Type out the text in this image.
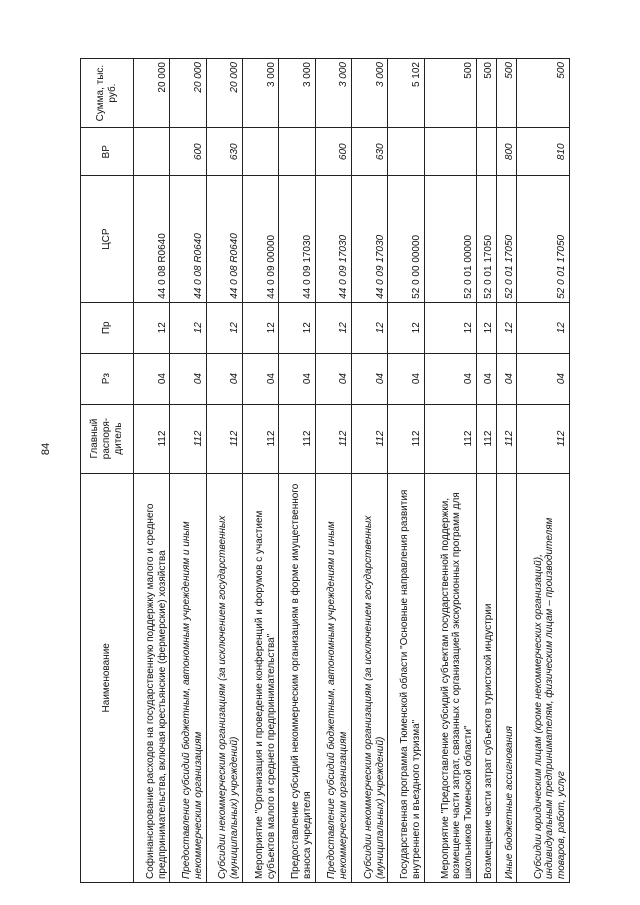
84
Наименование	Главный распоря-дитель	Рз	Пр	ЦСР	ВР	Сумма, тыс. руб.
Софинансирование расходов на государственную поддержку малого и среднего предпринимательства, включая крестьянские (фермерские) хозяйства	112	04	12	44 0 08 R0640		20 000
Предоставление субсидий бюджетным, автономным учреждениям и иным некоммерческим организациям	112	04	12	44 0 08 R0640	600	20 000
Субсидии некоммерческим организациям (за исключением государственных (муниципальных) учреждений)	112	04	12	44 0 08 R0640	630	20 000
Мероприятие "Организация и проведение конференций и форумов с участием субъектов малого и среднего предпринимательства"	112	04	12	44 0 09 00000		3 000
Предоставление субсидий некоммерческим организациям в форме имущественного взноса учредителя	112	04	12	44 0 09 17030		3 000
Предоставление субсидий бюджетным, автономным учреждениям и иным некоммерческим организациям	112	04	12	44 0 09 17030	600	3 000
Субсидии некоммерческим организациям (за исключением государственных (муниципальных) учреждений)	112	04	12	44 0 09 17030	630	3 000
Государственная программа Тюменской области "Основные направления развития внутреннего и въездного туризма"	112	04	12	52 0 00 00000		5 102
Мероприятие "Предоставление субсидий субъектам государственной поддержки, возмещение части затрат, связанных с организацией экскурсионных программ для школьников Тюменской области"	112	04	12	52 0 01 00000		500
Возмещение части затрат субъектов туристской индустрии	112	04	12	52 0 01 17050		500
Иные бюджетные ассигнования	112	04	12	52 0 01 17050	800	500
Субсидии юридическим лицам (кроме некоммерческих организаций), индивидуальным предпринимателям, физическим лицам – производителям товаров, работ, услуг	112	04	12	52 0 01 17050	810	500
